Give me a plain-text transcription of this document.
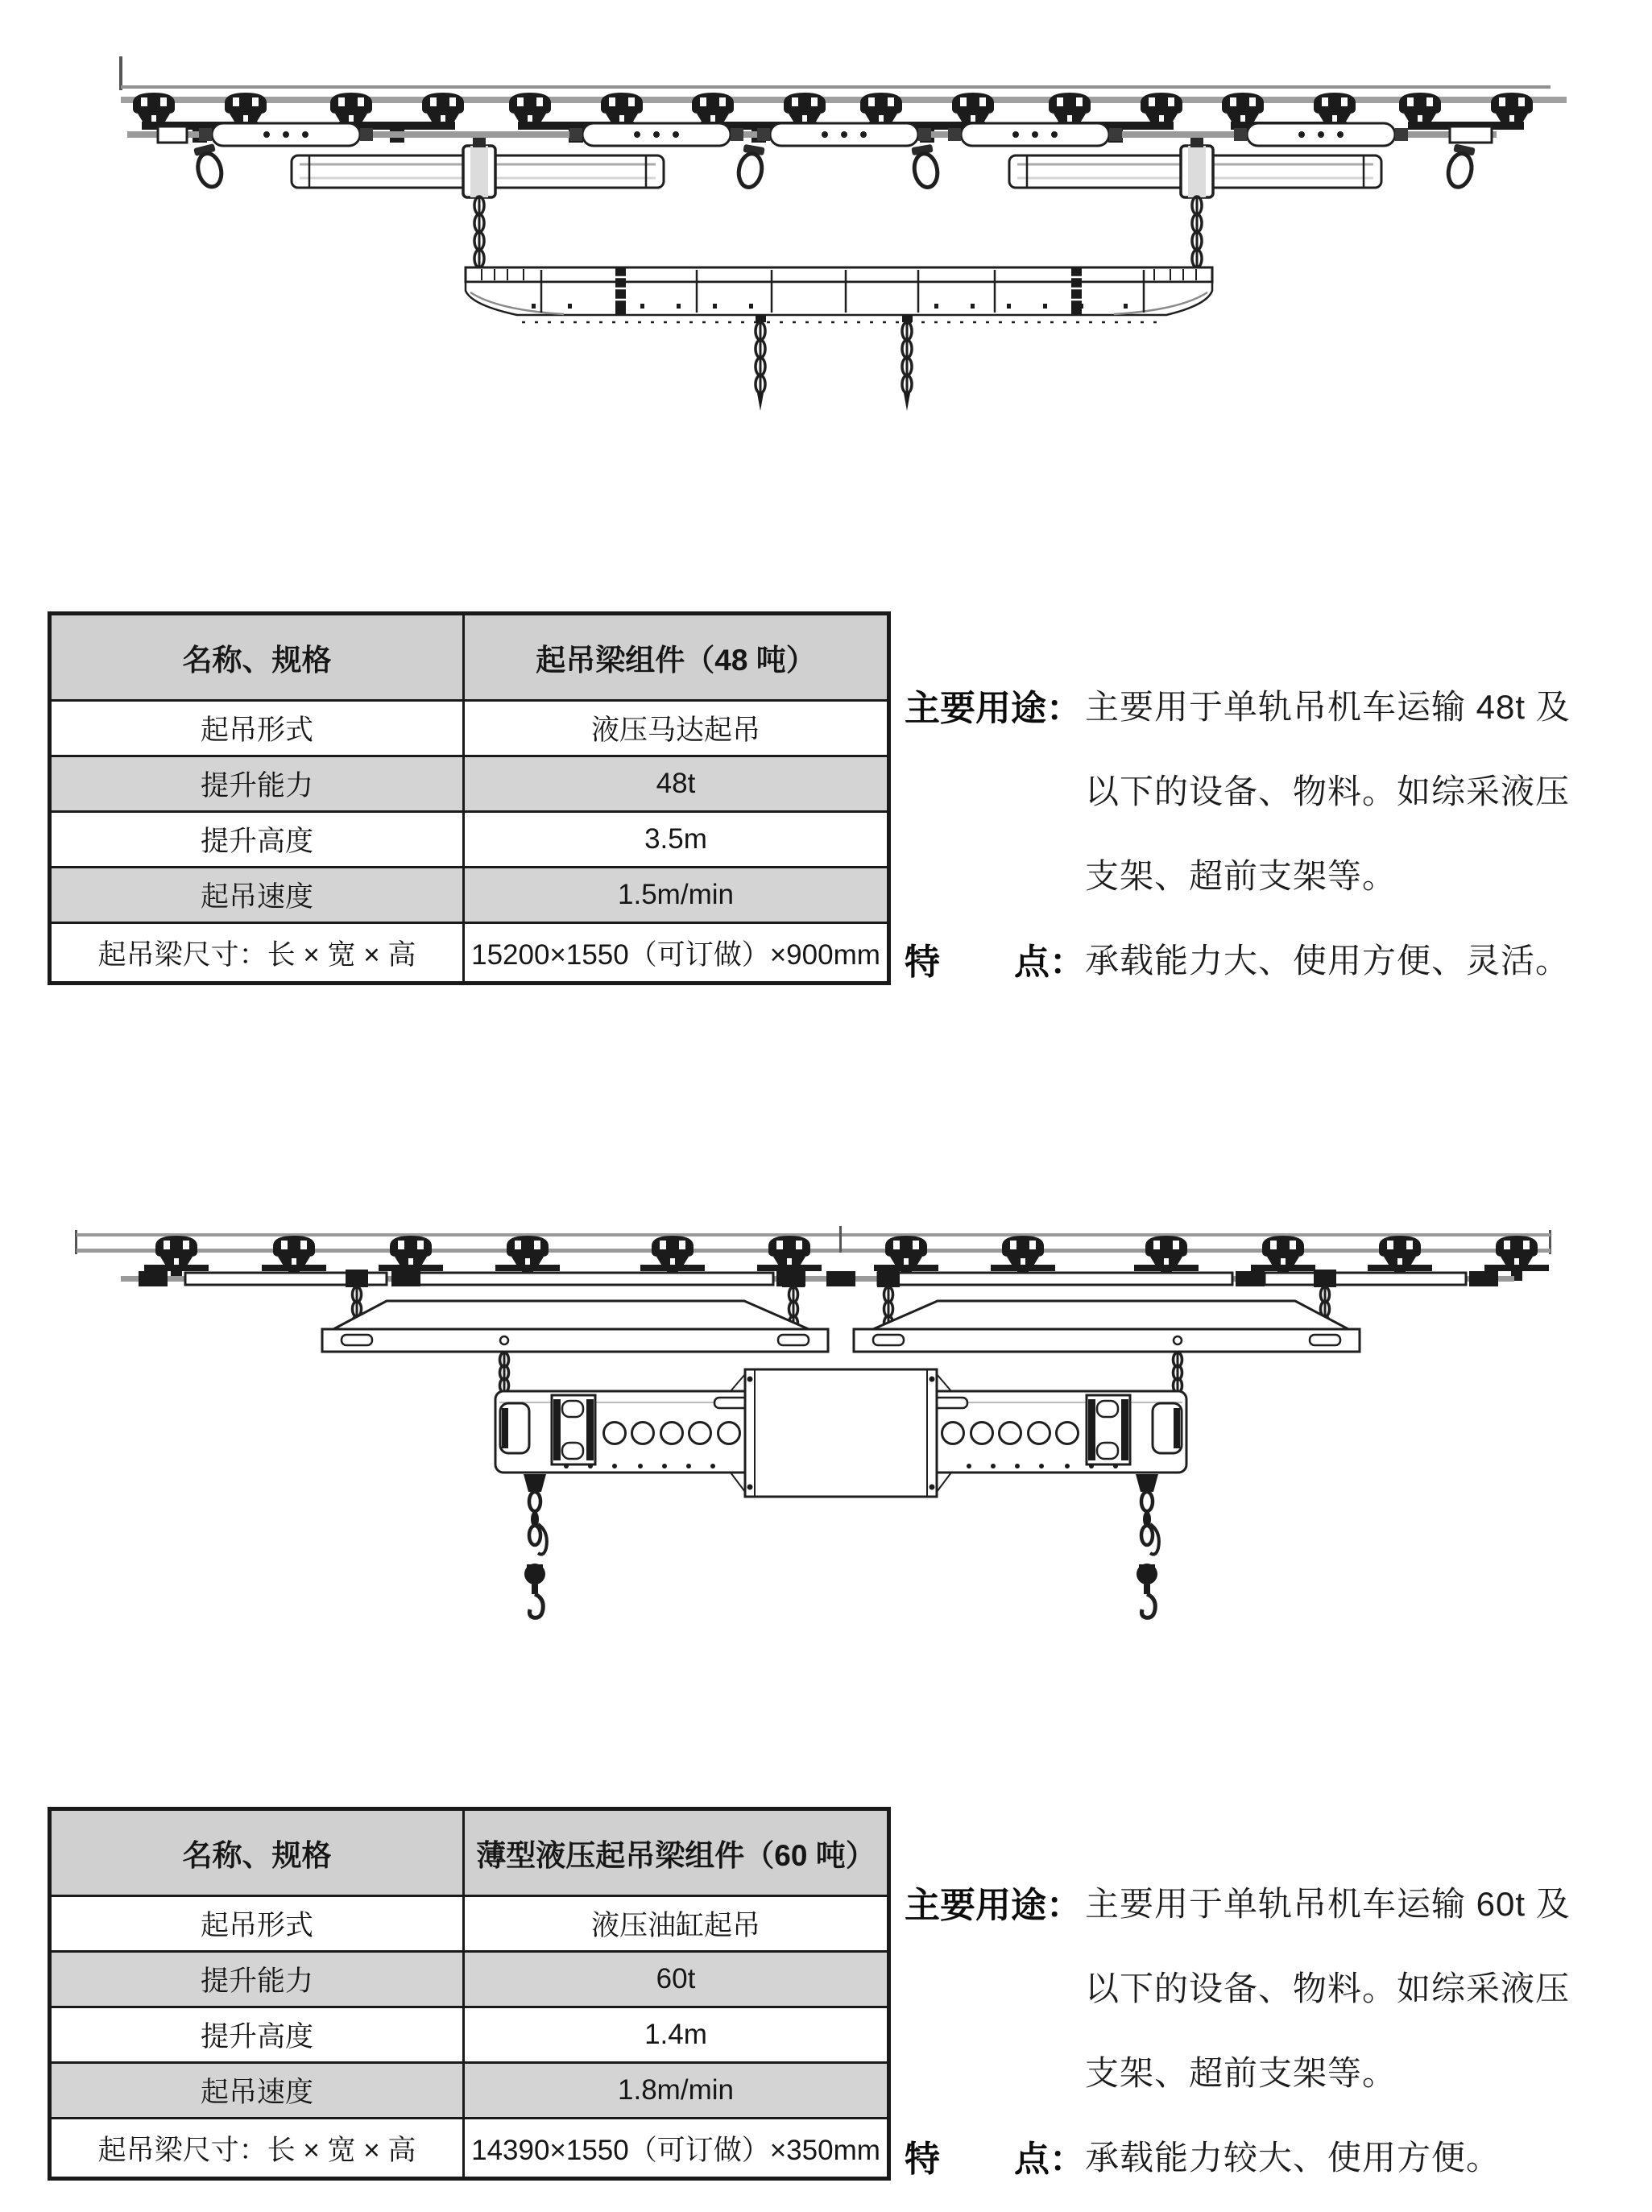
名称、规格	起吊梁组件（48 吨）
起吊形式	液压马达起吊
提升能力	48t
提升高度	3.5m
起吊速度	1.5m/min
起吊梁尺寸：长 × 宽 × 高	15200×1550（可订做）×900mm
主要用途： 主要用于单轨吊机车运输 48t 及
以下的设备、物料。如综采液压
支架、超前支架等。
特 点： 承载能力大、使用方便、灵活。
名称、规格	薄型液压起吊梁组件（60 吨）
起吊形式	液压油缸起吊
提升能力	60t
提升高度	1.4m
起吊速度	1.8m/min
起吊梁尺寸：长 × 宽 × 高	14390×1550（可订做）×350mm
主要用途： 主要用于单轨吊机车运输 60t 及
以下的设备、物料。如综采液压
支架、超前支架等。
特 点： 承载能力较大、使用方便。
